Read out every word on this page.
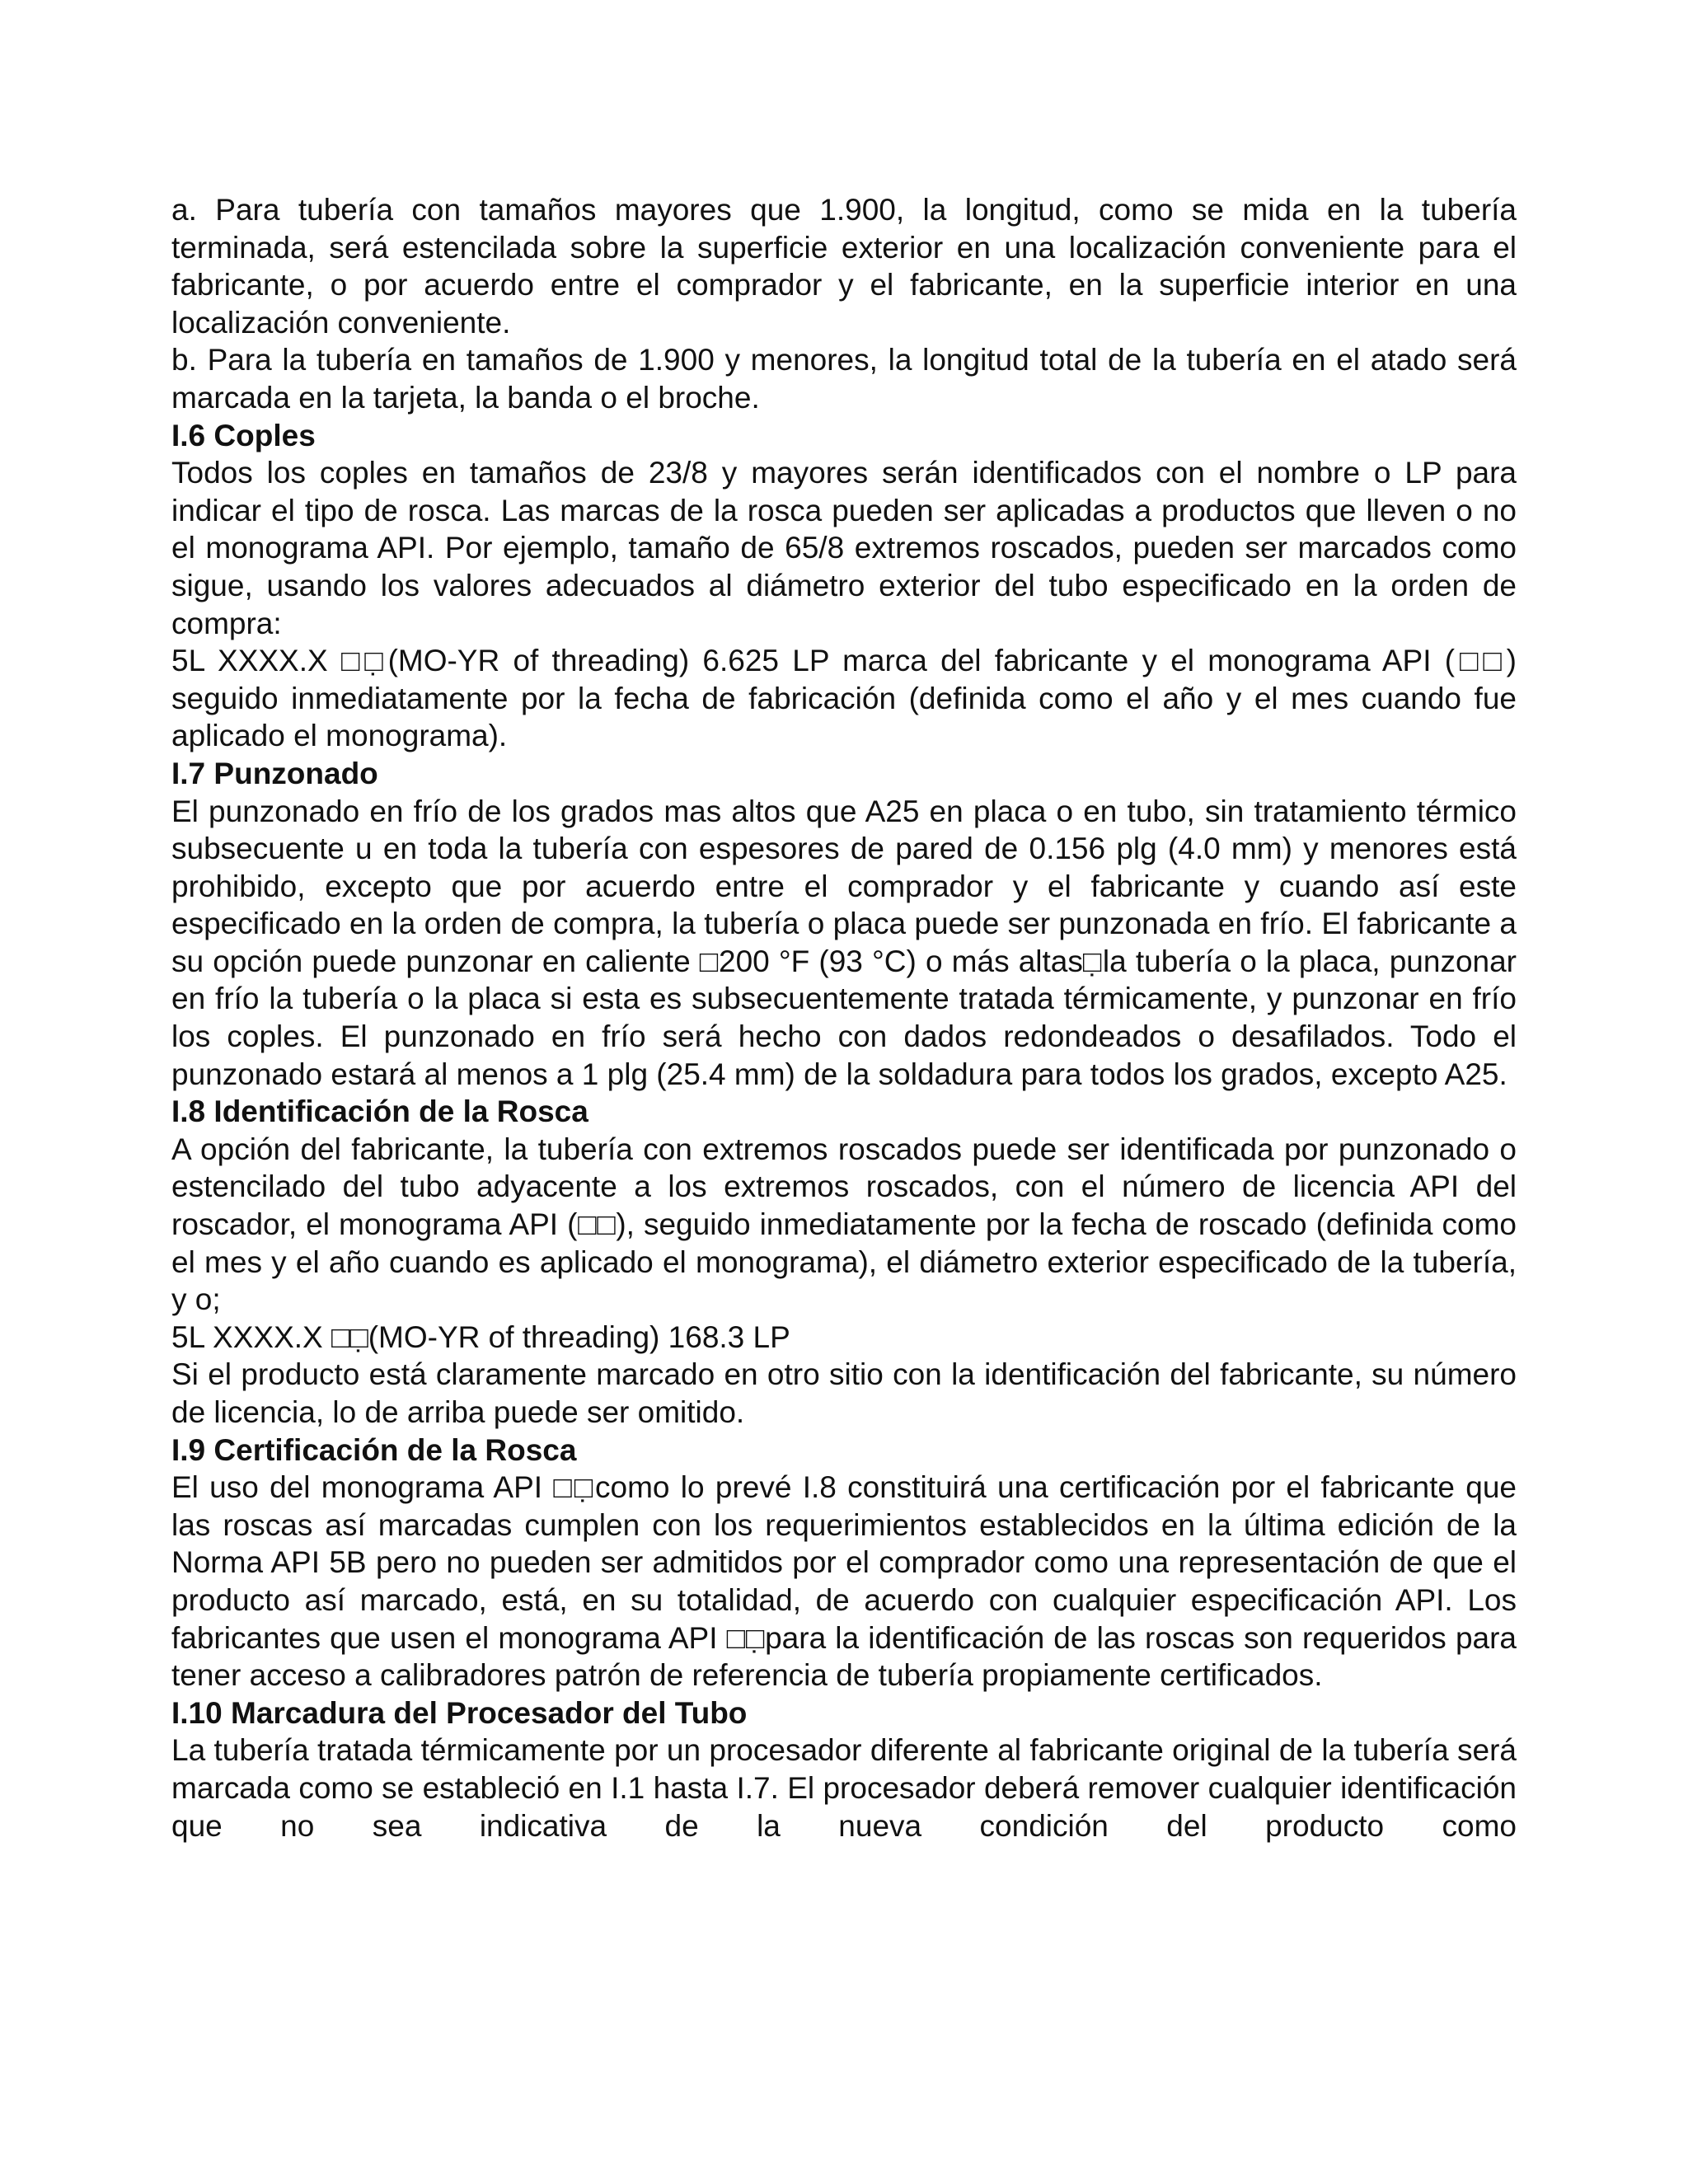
a. Para tubería con tamaños mayores que 1.900, la longitud, como se mida en la tubería terminada, será estencilada sobre la superficie exterior en una localización conveniente para el fabricante, o por acuerdo entre el comprador y el fabricante, en la superficie interior en una localización conveniente.

b. Para la tubería en tamaños de 1.900 y menores, la longitud total de la tubería en el atado será marcada en la tarjeta, la banda o el broche.

I.6 Coples

Todos los coples en tamaños de 23/8 y mayores serán identificados con el nombre o LP para indicar el tipo de rosca. Las marcas de la rosca pueden ser aplicadas a productos que lleven o no el monograma API. Por ejemplo, tamaño de 65/8 extremos roscados, pueden ser marcados como sigue, usando los valores adecuados al diámetro exterior del tubo especificado en la orden de compra:

5L XXXX.X □□̣(MO-YR of threading) 6.625 LP marca del fabricante y el monograma API (□□) seguido inmediatamente por la fecha de fabricación (definida como el año y el mes cuando fue aplicado el monograma).

I.7 Punzonado

El punzonado en frío de los grados mas altos que A25 en placa o en tubo, sin tratamiento térmico subsecuente u en toda la tubería con espesores de pared de 0.156 plg (4.0 mm) y menores está prohibido, excepto que por acuerdo entre el comprador y el fabricante y cuando así este especificado en la orden de compra, la tubería o placa puede ser punzonada en frío. El fabricante a su opción puede punzonar en caliente □200 °F (93 °C) o más altas□̣la tubería o la placa, punzonar en frío la tubería o la placa si esta es subsecuentemente tratada térmicamente, y punzonar en frío los coples. El punzonado en frío será hecho con dados redondeados o desafilados. Todo el punzonado estará al menos a 1 plg (25.4 mm) de la soldadura para todos los grados, excepto A25.

I.8 Identificación de la Rosca

A opción del fabricante, la tubería con extremos roscados puede ser identificada por punzonado o estencilado del tubo adyacente a los extremos roscados, con el número de licencia API del roscador, el monograma API (□□), seguido inmediatamente por la fecha de roscado (definida como el mes y el año cuando es aplicado el monograma), el diámetro exterior especificado de la tubería, y o;

5L XXXX.X □□̣(MO-YR of threading) 168.3 LP

Si el producto está claramente marcado en otro sitio con la identificación del fabricante, su número de licencia, lo de arriba puede ser omitido.

I.9 Certificación de la Rosca

El uso del monograma API □□̣como lo prevé I.8 constituirá una certificación por el fabricante que las roscas así marcadas cumplen con los requerimientos establecidos en la última edición de la Norma API 5B pero no pueden ser admitidos por el comprador como una representación de que el producto así marcado, está, en su totalidad, de acuerdo con cualquier especificación API. Los fabricantes que usen el monograma API □□̣para la identificación de las roscas son requeridos para tener acceso a calibradores patrón de referencia de tubería propiamente certificados.

I.10 Marcadura del Procesador del Tubo

La tubería tratada térmicamente por un procesador diferente al fabricante original de la tubería será marcada como se estableció en I.1 hasta I.7. El procesador deberá remover cualquier identificación que no sea indicativa de la nueva condición del producto como
